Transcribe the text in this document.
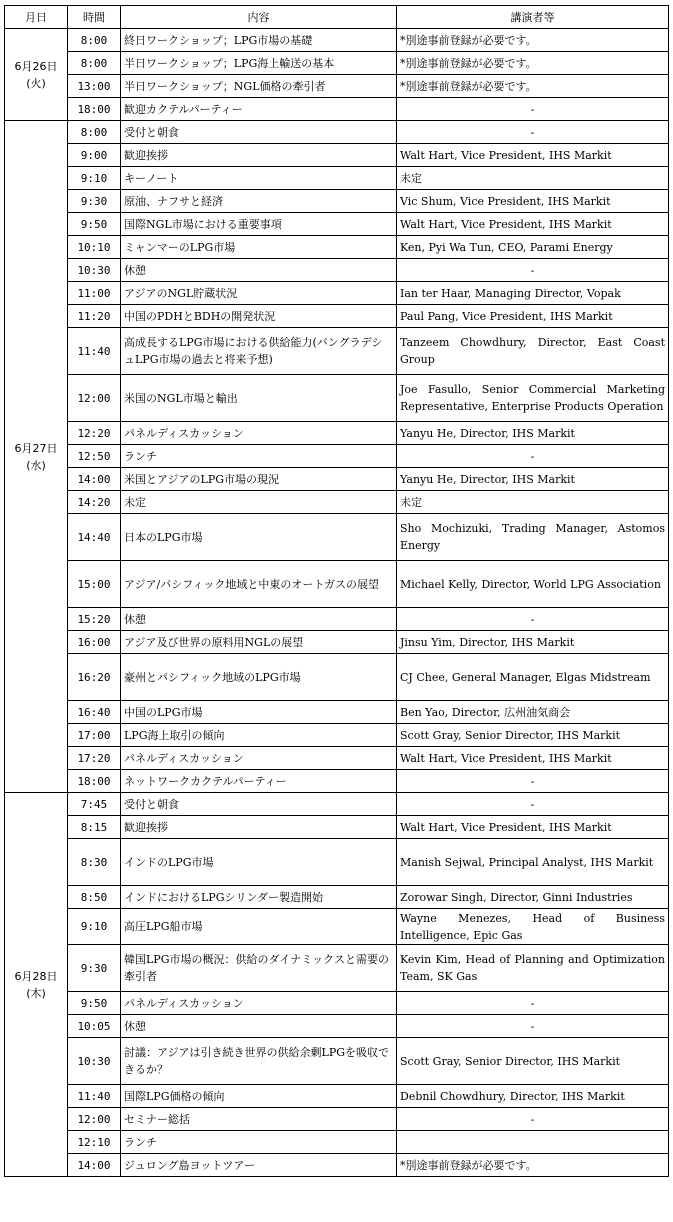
月日	時間	内容	講演者等

6月26日
(火)	8:00	終日ワークショップ；LPG市場の基礎	*別途事前登録が必要です。
	8:00	半日ワークショップ；LPG海上輸送の基本	*別途事前登録が必要です。
	13:00	半日ワークショップ；NGL価格の牽引者	*別途事前登録が必要です。
	18:00	歓迎カクテルパーティー	-

6月27日
(水)	8:00	受付と朝食	-
	9:00	歓迎挨拶	Walt Hart, Vice President, IHS Markit
	9:10	キーノート	未定
	9:30	原油、ナフサと経済	Vic Shum, Vice President, IHS Markit
	9:50	国際NGL市場における重要事項	Walt Hart, Vice President, IHS Markit
	10:10	ミャンマーのLPG市場	Ken, Pyi Wa Tun, CEO, Parami Energy
	10:30	休憩	-
	11:00	アジアのNGL貯蔵状況	Ian ter Haar, Managing Director, Vopak
	11:20	中国のPDHとBDHの開発状況	Paul Pang, Vice President, IHS Markit
	11:40	高成長するLPG市場における供給能力(バングラデシュLPG市場の過去と将来予想)	Tanzeem Chowdhury, Director, East Coast Group
	12:00	米国のNGL市場と輸出	Joe Fasullo, Senior Commercial Marketing Representative, Enterprise Products Operation
	12:20	パネルディスカッション	Yanyu He, Director, IHS Markit
	12:50	ランチ	-
	14:00	米国とアジアのLPG市場の現況	Yanyu He, Director, IHS Markit
	14:20	未定	未定
	14:40	日本のLPG市場	Sho Mochizuki, Trading Manager, Astomos Energy
	15:00	アジア/パシフィック地域と中東のオートガスの展望	Michael Kelly, Director, World LPG Association
	15:20	休憩	-
	16:00	アジア及び世界の原料用NGLの展望	Jinsu Yim, Director, IHS Markit
	16:20	豪州とパシフィック地域のLPG市場	CJ Chee, General Manager, Elgas Midstream
	16:40	中国のLPG市場	Ben Yao, Director, 広州油気商会
	17:00	LPG海上取引の傾向	Scott Gray, Senior Director, IHS Markit
	17:20	パネルディスカッション	Walt Hart, Vice President, IHS Markit
	18:00	ネットワークカクテルパーティー	-

6月28日
(木)	7:45	受付と朝食	-
	8:15	歓迎挨拶	Walt Hart, Vice President, IHS Markit
	8:30	インドのLPG市場	Manish Sejwal, Principal Analyst, IHS Markit
	8:50	インドにおけるLPGシリンダー製造開始	Zorowar Singh, Director, Ginni Industries
	9:10	高圧LPG船市場	Wayne Menezes, Head of Business Intelligence, Epic Gas
	9:30	韓国LPG市場の概況：供給のダイナミックスと需要の牽引者	Kevin Kim, Head of Planning and Optimization Team, SK Gas
	9:50	パネルディスカッション	-
	10:05	休憩	-
	10:30	討議：アジアは引き続き世界の供給余剰LPGを吸収できるか？	Scott Gray, Senior Director, IHS Markit
	11:40	国際LPG価格の傾向	Debnil Chowdhury, Director, IHS Markit
	12:00	セミナー総括	-
	12:10	ランチ	
	14:00	ジュロング島ヨットツアー	*別途事前登録が必要です。
